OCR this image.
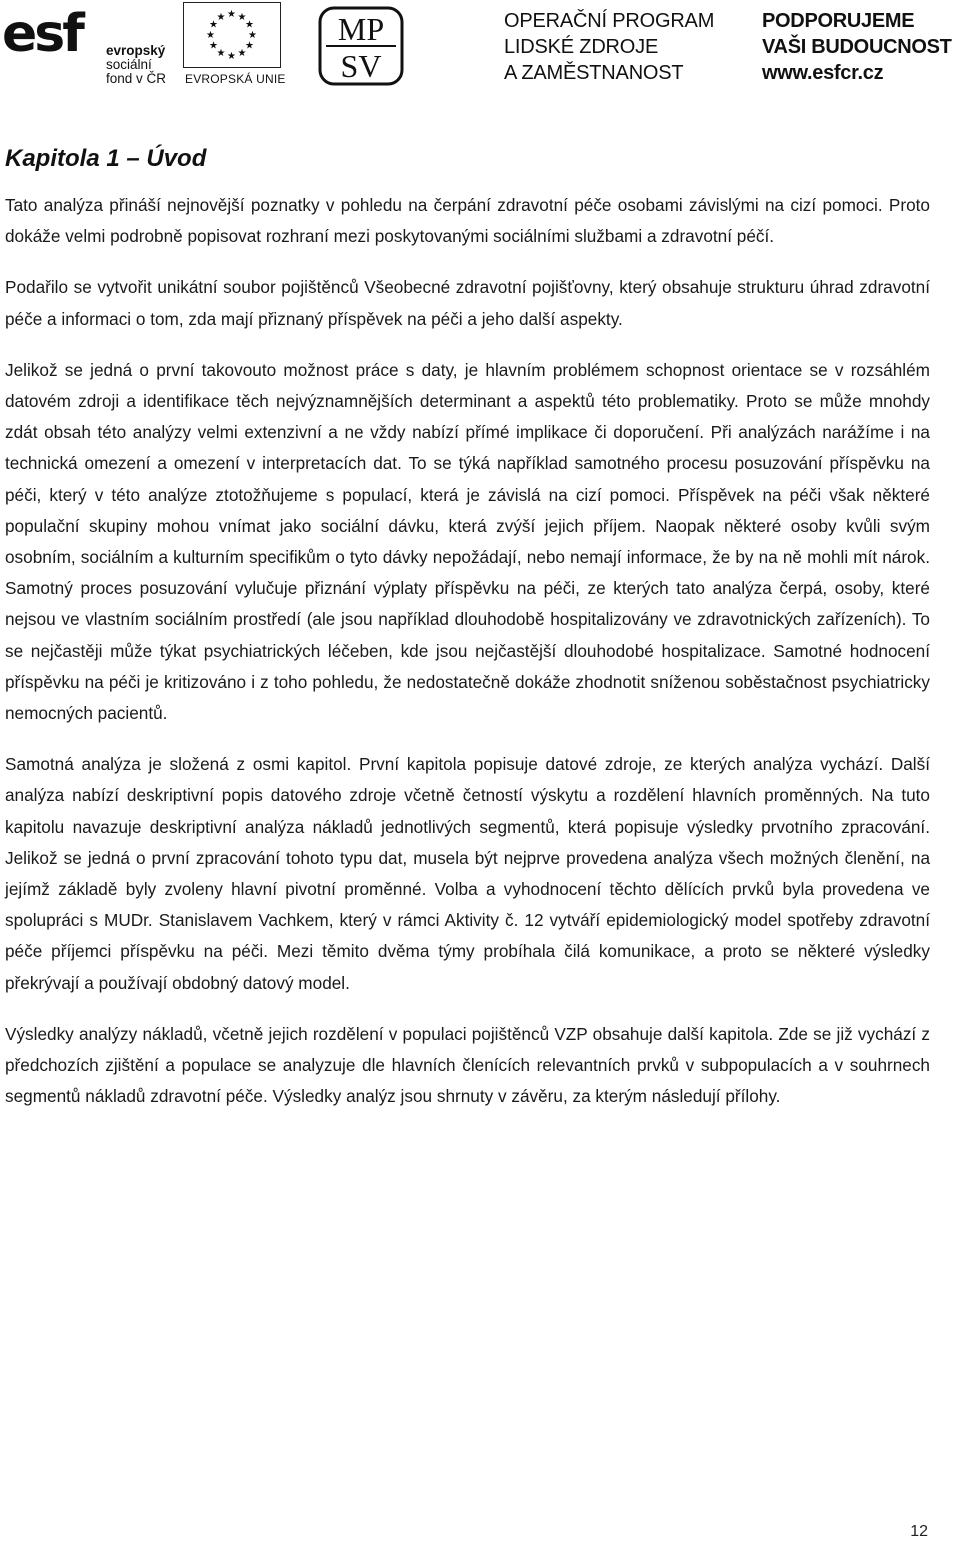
esf evropský
sociální
fond v ČR
★ ★
★
★
★
★
★
★
★
★
★
★
EVROPSKÁ UNIE
MP
SV
OPERAČNÍ PROGRAM
LIDSKÉ ZDROJE
A ZAMĚSTNANOST
PODPORUJEME
VAŠI BUDOUCNOST
www.esfcr.cz
Kapitola 1 – Úvod

Tato analýza přináší nejnovější poznatky v pohledu na čerpání zdravotní péče osobami závislými na cizí pomoci. Proto dokáže velmi podrobně popisovat rozhraní mezi poskytovanými sociálními službami a zdravotní péčí.

Podařilo se vytvořit unikátní soubor pojištěnců Všeobecné zdravotní pojišťovny, který obsahuje strukturu úhrad zdravotní péče a informaci o tom, zda mají přiznaný příspěvek na péči a jeho další aspekty.

Jelikož se jedná o první takovouto možnost práce s daty, je hlavním problémem schopnost orientace se v rozsáhlém datovém zdroji a identifikace těch nejvýznamnějších determinant a aspektů této problematiky. Proto se může mnohdy zdát obsah této analýzy velmi extenzivní a ne vždy nabízí přímé implikace či doporučení. Při analýzách narážíme i na technická omezení a omezení v interpretacích dat. To se týká například samotného procesu posuzování příspěvku na péči, který v této analýze ztotožňujeme s populací, která je závislá na cizí pomoci. Příspěvek na péči však některé populační skupiny mohou vnímat jako sociální dávku, která zvýší jejich příjem. Naopak některé osoby kvůli svým osobním, sociálním a kulturním specifikům o tyto dávky nepožádají, nebo nemají informace, že by na ně mohli mít nárok. Samotný proces posuzování vylučuje přiznání výplaty příspěvku na péči, ze kterých tato analýza čerpá, osoby, které nejsou ve vlastním sociálním prostředí (ale jsou například dlouhodobě hospitalizovány ve zdravotnických zařízeních). To se nejčastěji může týkat psychiatrických léčeben, kde jsou nejčastější dlouhodobé hospitalizace. Samotné hodnocení příspěvku na péči je kritizováno i z toho pohledu, že nedostatečně dokáže zhodnotit sníženou soběstačnost psychiatricky nemocných pacientů.

Samotná analýza je složená z osmi kapitol. První kapitola popisuje datové zdroje, ze kterých analýza vychází. Další analýza nabízí deskriptivní popis datového zdroje včetně četností výskytu a rozdělení hlavních proměnných. Na tuto kapitolu navazuje deskriptivní analýza nákladů jednotlivých segmentů, která popisuje výsledky prvotního zpracování. Jelikož se jedná o první zpracování tohoto typu dat, musela být nejprve provedena analýza všech možných členění, na jejímž základě byly zvoleny hlavní pivotní proměnné. Volba a vyhodnocení těchto dělících prvků byla provedena ve spolupráci s MUDr. Stanislavem Vachkem, který v rámci Aktivity č. 12 vytváří epidemiologický model spotřeby zdravotní péče příjemci příspěvku na péči. Mezi těmito dvěma týmy probíhala čilá komunikace, a proto se některé výsledky překrývají a používají obdobný datový model.

Výsledky analýzy nákladů, včetně jejich rozdělení v populaci pojištěnců VZP obsahuje další kapitola. Zde se již vychází z předchozích zjištění a populace se analyzuje dle hlavních členících relevantních prvků v subpopulacích a v souhrnech segmentů nákladů zdravotní péče. Výsledky analýz jsou shrnuty v závěru, za kterým následují přílohy.

12
